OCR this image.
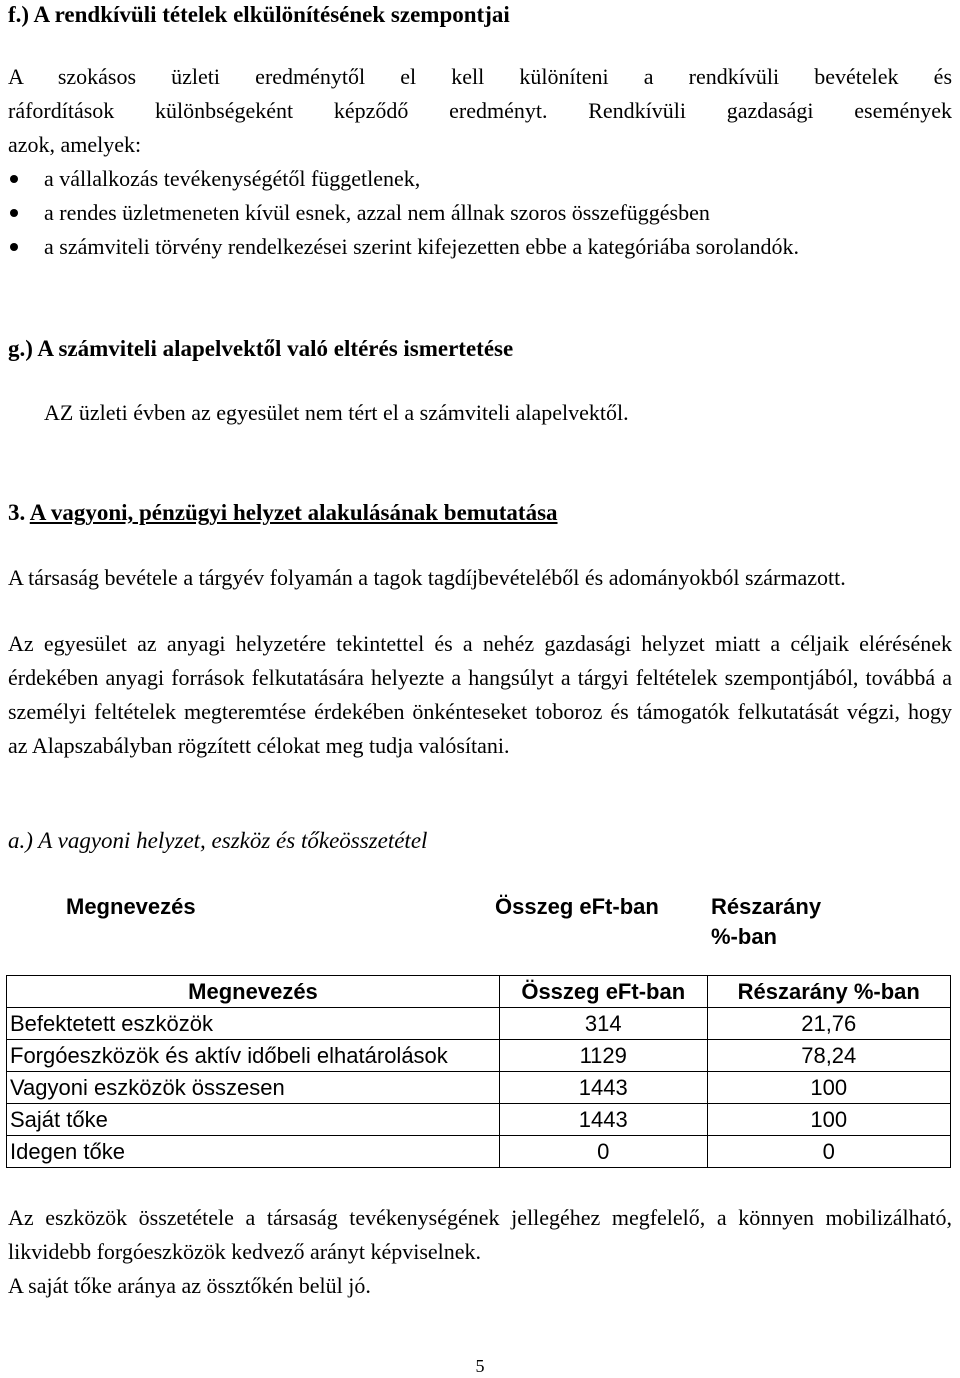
f.) A rendkívüli tételek elkülönítésének szempontjai
A szokásos üzleti eredménytől el kell különíteni a rendkívüli bevételek és
ráfordítások különbségeként képződő eredményt. Rendkívüli gazdasági események
azok, amelyek:
a vállalkozás tevékenységétől függetlenek,
a rendes üzletmeneten kívül esnek, azzal nem állnak szoros összefüggésben
a számviteli törvény rendelkezései szerint kifejezetten ebbe a kategóriába sorolandók.
g.) A számviteli alapelvektől való eltérés ismertetése
AZ üzleti évben az egyesület nem tért el a számviteli alapelvektől.
3. A vagyoni, pénzügyi helyzet alakulásának bemutatása
A társaság bevétele a tárgyév folyamán a tagok tagdíjbevételéből és adományokból származott.
Az egyesület az anyagi helyzetére tekintettel és a nehéz gazdasági helyzet miatt a céljaik elérésének érdekében anyagi források felkutatására helyezte a hangsúlyt a tárgyi feltételek szempontjából, továbbá a személyi feltételek megteremtése érdekében önkénteseket toboroz és támogatók felkutatását végzi, hogy az Alapszabályban rögzített célokat meg tudja valósítani.
a.) A vagyoni helyzet, eszköz és tőkeösszetétel
Megnevezés	Összeg eFt-ban Részarány
%-ban
Megnevezés	Összeg eFt-ban	Részarány %-ban
Befektetett eszközök	314	21,76
Forgóeszközök és aktív időbeli elhatárolások	1129	78,24
Vagyoni eszközök összesen	1443	100
Saját tőke	1443	100
Idegen tőke	0	0
Az eszközök összetétele a társaság tevékenységének jellegéhez megfelelő, a könnyen mobilizálható, likvidebb forgóeszközök kedvező arányt képviselnek.
A saját tőke aránya az össztőkén belül jó.
5
